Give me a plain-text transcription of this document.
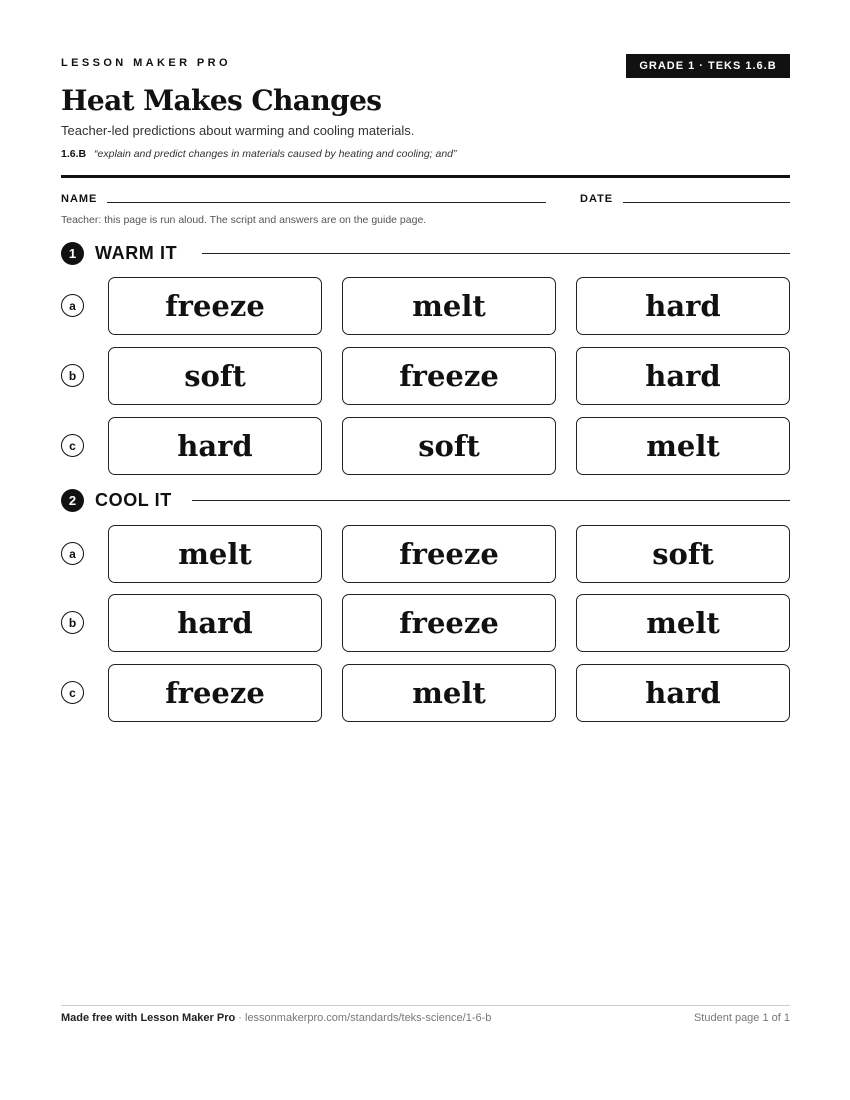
LESSON MAKER PRO	GRADE 1 · TEKS 1.6.B
Heat Makes Changes
Teacher-led predictions about warming and cooling materials.
1.6.B “explain and predict changes in materials caused by heating and cooling; and”
NAME	DATE
Teacher: this page is run aloud. The script and answers are on the guide page.
1	WARM IT
a	freeze	melt	hard
b	soft	freeze	hard
c	hard	soft	melt
2	COOL IT
a	melt	freeze	soft
b	hard	freeze	melt
c	freeze	melt	hard
Made free with Lesson Maker Pro · lessonmakerpro.com/standards/teks-science/1-6-b	Student page 1 of 1
